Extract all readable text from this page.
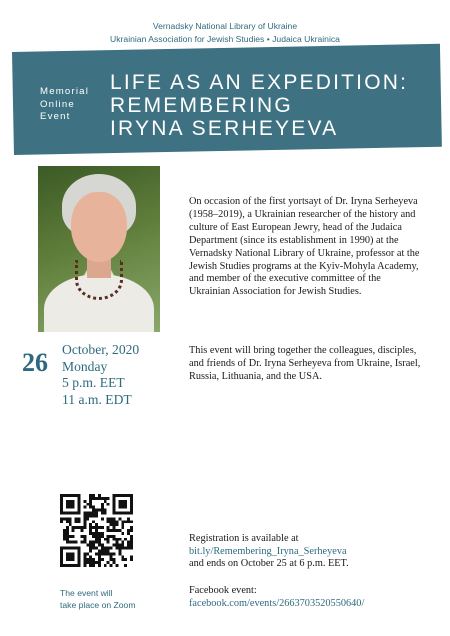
Vernadsky National Library of Ukraine
Ukrainian Association for Jewish Studies • Judaica Ukrainica
Memorial
Online
Event
LIFE AS AN EXPEDITION:
REMEMBERING
IRYNA SERHEYEVA
On occasion of the first yortsayt of Dr. Iryna Serheyeva (1958–2019), a Ukrainian researcher of the history and culture of East European Jewry, head of the Judaica Department (since its establishment in 1990) at the Vernadsky National Library of Ukraine, professor at the Jewish Studies programs at the Kyiv-Mohyla Academy, and member of the executive committee of the Ukrainian Association for Jewish Studies.
26 October, 2020
Monday
5 p.m. EET
11 a.m. EDT
This event will bring together the colleagues, disciples, and friends of Dr. Iryna Serheyeva from Ukraine, Israel, Russia, Lithuania, and the USA.
The event will
take place on Zoom
Registration is available at
bit.ly/Remembering_Iryna_Serheyeva
and ends on October 25 at 6 p.m. EET.
Facebook event:
facebook.com/events/2663703520550640/
